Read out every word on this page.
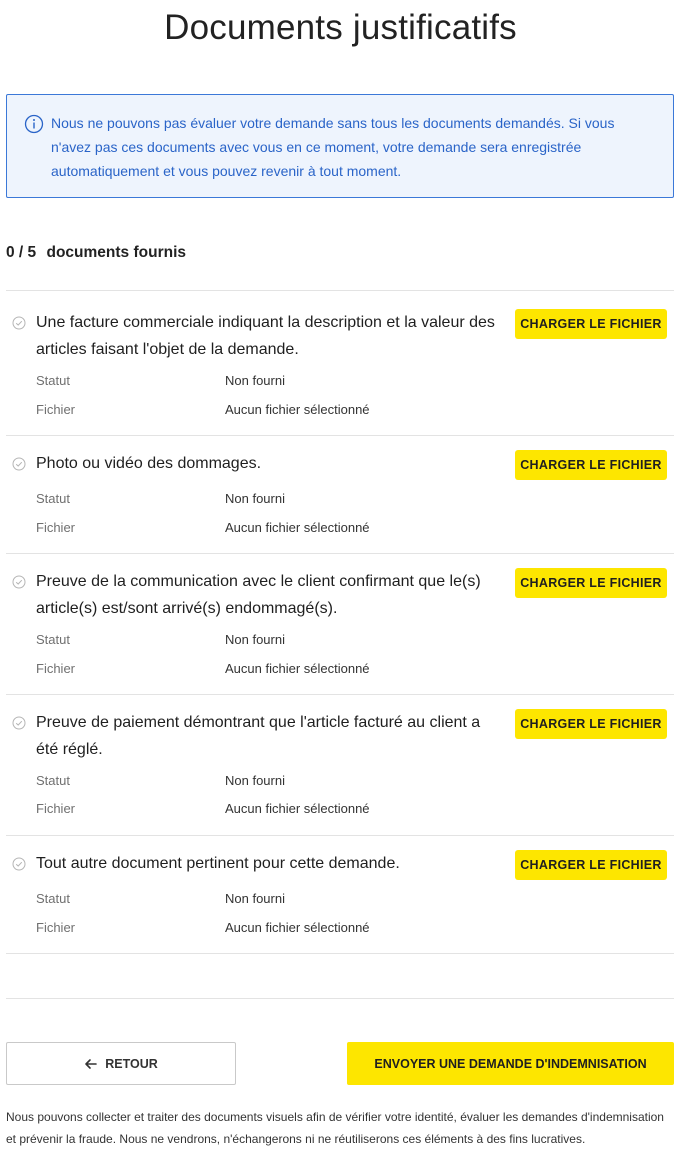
Documents justificatifs

Nous ne pouvons pas évaluer votre demande sans tous les documents demandés. Si vous n'avez pas ces documents avec vous en ce moment, votre demande sera enregistrée automatiquement et vous pouvez revenir à tout moment.

0 / 5 documents fournis
Une facture commerciale indiquant la description et la valeur des articles faisant l'objet de la demande.
CHARGER LE FICHIER
Statut	Non fourni
Fichier	Aucun fichier sélectionné
Photo ou vidéo des dommages.	CHARGER LE FICHIER
Statut	Non fourni
Fichier	Aucun fichier sélectionné
Preuve de la communication avec le client confirmant que le(s) article(s) est/sont arrivé(s) endommagé(s).
CHARGER LE FICHIER
Statut	Non fourni
Fichier	Aucun fichier sélectionné
Preuve de paiement démontrant que l'article facturé au client a été réglé.
CHARGER LE FICHIER
Statut	Non fourni
Fichier	Aucun fichier sélectionné
Tout autre document pertinent pour cette demande.	CHARGER LE FICHIER
Statut	Non fourni
Fichier	Aucun fichier sélectionné
RETOUR	ENVOYER UNE DEMANDE D'INDEMNISATION

Nous pouvons collecter et traiter des documents visuels afin de vérifier votre identité, évaluer les demandes d'indemnisation et prévenir la fraude. Nous ne vendrons, n'échangerons ni ne réutiliserons ces éléments à des fins lucratives.
